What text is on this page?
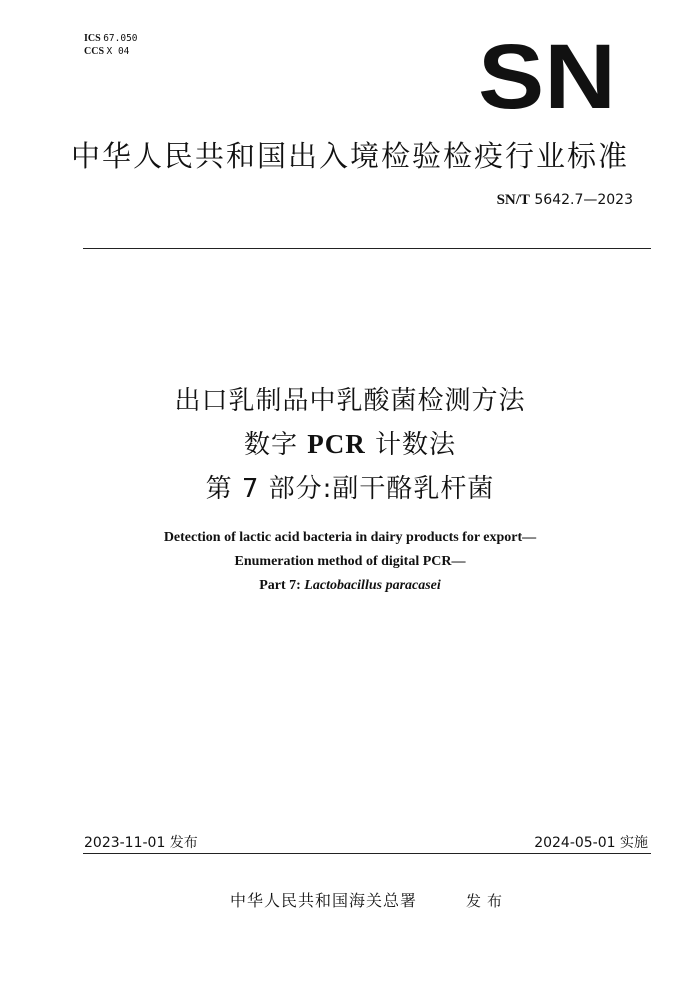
ICS 67.050
CCS X 04	SN
中华人民共和国出入境检验检疫行业标准
SN/T 5642.7—2023
出口乳制品中乳酸菌检测方法
数字 PCR 计数法
第 7 部分:副干酪乳杆菌
Detection of lactic acid bacteria in dairy products for export—
Enumeration method of digital PCR—
Part 7: Lactobacillus paracasei
2023-11-01 发布	2024-05-01 实施
中华人民共和国海关总署	发布
